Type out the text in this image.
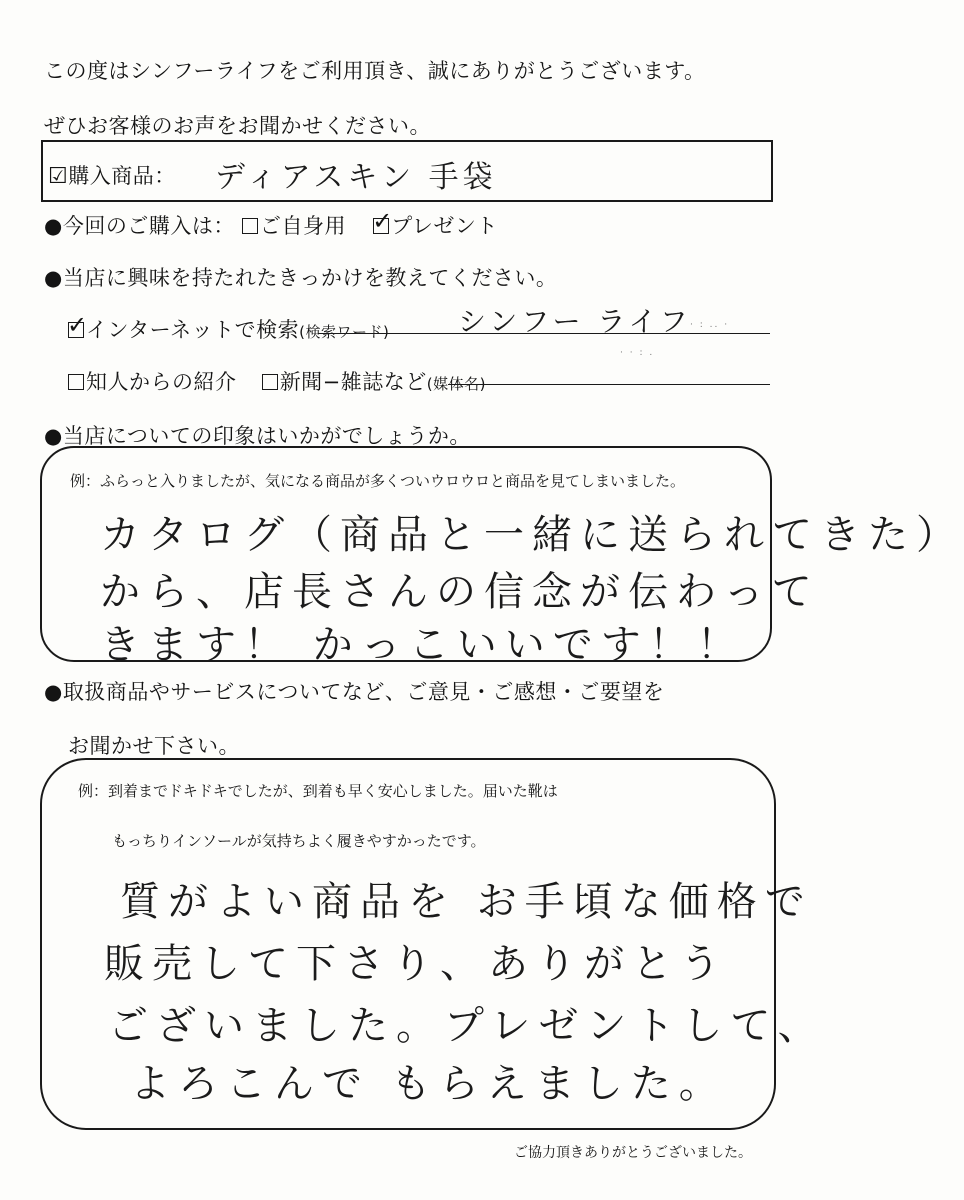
この度はシンフーライフをご利用頂き、誠にありがとうございます。
ぜひお客様のお声をお聞かせください。
☑購入商品： ディアスキン 手袋
●今回のご購入は： ご自身用 ✓
プレゼント
●当店に興味を持たれたきっかけを教えてください。
✓
インターネットで検索(検索ワード) シンフー ライフ
· : .. ·
知人からの紹介 新聞−雑誌など(媒体名)
· · : .
●当店についての印象はいかがでしょうか。
例：ふらっと入りましたが、気になる商品が多くついウロウロと商品を見てしまいました。
カタログ（商品と一緒に送られてきた）
から、店長さんの信念が伝わって
きます！ かっこいいです！！
●取扱商品やサービスについてなど、ご意見・ご感想・ご要望を
お聞かせ下さい。
例：到着までドキドキでしたが、到着も早く安心しました。届いた靴は
もっちりインソールが気持ちよく履きやすかったです。
質がよい商品を お手頃な価格で
販売して下さり、ありがとう
ございました。プレゼントして、
よろこんで もらえました。
ご協力頂きありがとうございました。
